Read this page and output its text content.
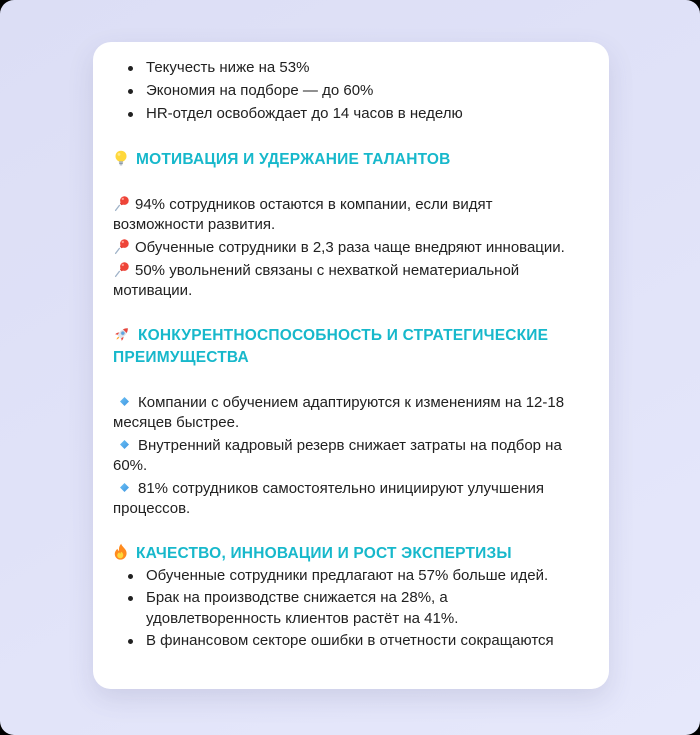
Текучесть ниже на 53%
Экономия на подборе — до 60%
HR-отдел освобождает до 14 часов в неделю
МОТИВАЦИЯ И УДЕРЖАНИЕ ТАЛАНТОВ

94% сотрудников остаются в компании, если видят возможности развития.

Обученные сотрудники в 2,3 раза чаще внедряют инновации.

50% увольнений связаны с нехваткой нематериальной мотивации.

КОНКУРЕНТНОСПОСОБНОСТЬ И СТРАТЕГИЧЕСКИЕ ПРЕИМУЩЕСТВА

Компании с обучением адаптируются к изменениям на 12-18 месяцев быстрее.

Внутренний кадровый резерв снижает затраты на подбор на 60%.

81% сотрудников самостоятельно инициируют улучшения процессов.

КАЧЕСТВО, ИННОВАЦИИ И РОСТ ЭКСПЕРТИЗЫ
Обученные сотрудники предлагают на 57% больше идей.
Брак на производстве снижается на 28%, а удовлетворенность клиентов растёт на 41%.
В финансовом секторе ошибки в отчетности сокращаются
